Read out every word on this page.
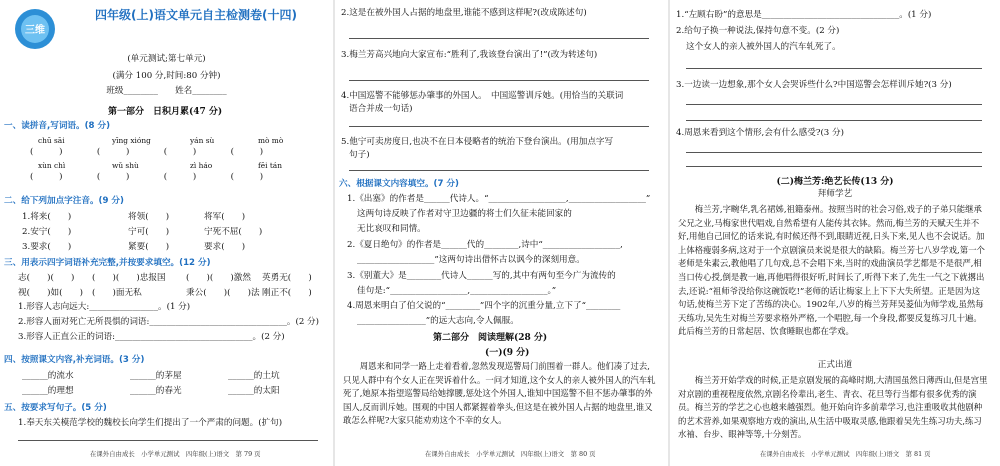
三维
四年级(上)语文单元自主检测卷(十四)
(单元测试;第七单元)
(满分 100 分,时间:80 分钟)
班级________　　姓名________
第一部分　日积月累(47 分)
一、读拼音,写词语。(8 分)
chū sāi	yīng xióng	yán sù	mò mò
(　　　)　　　　(　　　)　　　　(　　　)　　　　(　　　)
xùn chì	wǔ shù	zì háo	fēi tán
(　　　)　　　　(　　　)　　　　(　　　)　　　　(　　　)
二、给下列加点字注音。(9 分)
1.将来(　　)	将领(　　)	将军(　　)
2.安宁(　　)	宁可(　　)	宁死不屈(　　)
3.要求(　　)	紧要(　　)	要求(　　)
三、用表示四字词语补充完整,并按要求填空。(12 分)
志(　　)(　　) (　　)(　　)忠报国 (　　)(　　)激然 英勇无(　　)
视(　　)如(　　) (　　)面无私	秉公(　　)(　　)法 刚正不(　　)
1.形容人志向远大:________________。(1 分)
2.形容人面对死亡无所畏惧的词语:________________________________。(2 分)
3.形容人正直公正的词语:________________________________。(2 分)
四、按照课文内容,补充词语。(3 分)
______的流水	______的茅屋	______的土坑
______的理想	______的春光	______的太阳
五、按要求写句子。(5 分)
1.奉天东关模范学校的魏校长向学生们提出了一个严肃的问题。(扩句)
在课外自由成长　小学单元测试　四年级(上)语文　第 79 页
2.这是在被外国人占据的地盘里,谁能不感到这样呢?(改成陈述句)
3.梅兰芳高兴地向大家宣布:“胜利了,我该登台演出了!”(改为转述句)
4.中国巡警不能够惩办肇事的外国人。　中国巡警训斥她。(用恰当的关联词
语合并成一句话)
5.他宁可卖房度日,也决不在日本侵略者的统治下登台演出。(用加点字写
句子)
六、根据课文内容填空。(7 分)
1.《出塞》的作者是______代诗人。“__________________,__________________”
这两句诗反映了作者对守卫边疆的将士们久征未能回家的
无比哀叹和同情。
2.《夏日绝句》的作者是______代的________,诗中“__________________,
__________________”这两句诗出借怀古以讽今的深刻用意。
3.《别董大》是________代诗人______写的,其中有两句至今广为流传的
佳句是:“__________________,__________________。”
4.周恩来明白了伯父说的“________”四个字的沉重分量,立下了“________
________________”的远大志向,令人佩服。
第二部分　阅读理解(28 分)
(一)(9 分)
周恩来和同学一路上走着看着,忽然发现巡警局门前围着一群人。他们凑了过去,只见人群中有个女人正在哭诉着什么。一问才知道,这个女人的亲人被外国人的汽车轧死了,她原本指望巡警局给她撑腰,惩处这个外国人,谁知中国巡警不但不惩办肇事的外国人,反而训斥她。围观的中国人都紧握着拳头,但这是在被外国人占据的地盘里,谁又敢怎么样呢?大家只能劝劝这个不幸的女人。
在课外自由成长　小学单元测试　四年级(上)语文　第 80 页
1.“左顾右盼”的意思是________________________________。(1 分)
2.给句子换一种说法,保持句意不变。(2 分)
这个女人的亲人被外国人的汽车轧死了。
3.一边读一边想象,那个女人会哭诉些什么?中国巡警会怎样训斥她?(3 分)
4.周恩来看到这个情形,会有什么感受?(3 分)
(二)梅兰芳:绝艺长传(13 分)
拜师学艺
梅兰芳,字畹华,乳名裙姊,祖籍泰州。按照当时的社会习俗,戏子的子弟只能继承父兄之业,马梅家世代唱戏,自然希望有人能传其衣钵。然而,梅兰芳的天赋天生并不好,用他自己回忆的话来说,有时候还得不到,眼睛近视,日头下来,见人也不会说话。加上体格瘦弱多病,这对于一个京剧演员来说是很大的缺陷。梅兰芳七八岁学戏,第一个老师是朱素云,教他唱了几句戏,总不会唱下来,当时的戏曲演员学艺都是不是很严,相当口传心授,倒是教一遍,再他唱得很好听,时间长了,听得下来了,先生一气之下就撂出去,还说:“祖师爷没给你这碗饭吃!”老师的话让梅家上上下下大失所望。正是因为这句话,使梅兰芳下定了苦练的决心。1902年,八岁的梅兰芳拜吴菱仙为师学戏,虽然每天练功,吴先生对梅兰芳要求格外严格,一个唱腔,每一个身段,都要反复练习几十遍。此后梅兰芳的日常起居、饮食睡眠也都在学戏。
正式出道
梅兰芳开始学戏的时候,正是京剧发展的高峰时期,大清国虽然日薄西山,但是宫里对京剧的重视程度依然,京剧名伶辈出,老生、青衣、花旦等行当都有很多优秀的演员。梅兰芳的学艺之心也越来越强烈。他开始向许多前辈学习,也注重吸收其他剧种的艺术营养,如果观察地方戏的演出,从生活中吸取灵感,他跟着吴先生练习功夫,练习水袖、台步、眼神等等,十分刻苦。
在课外自由成长　小学单元测试　四年级(上)语文　第 81 页
